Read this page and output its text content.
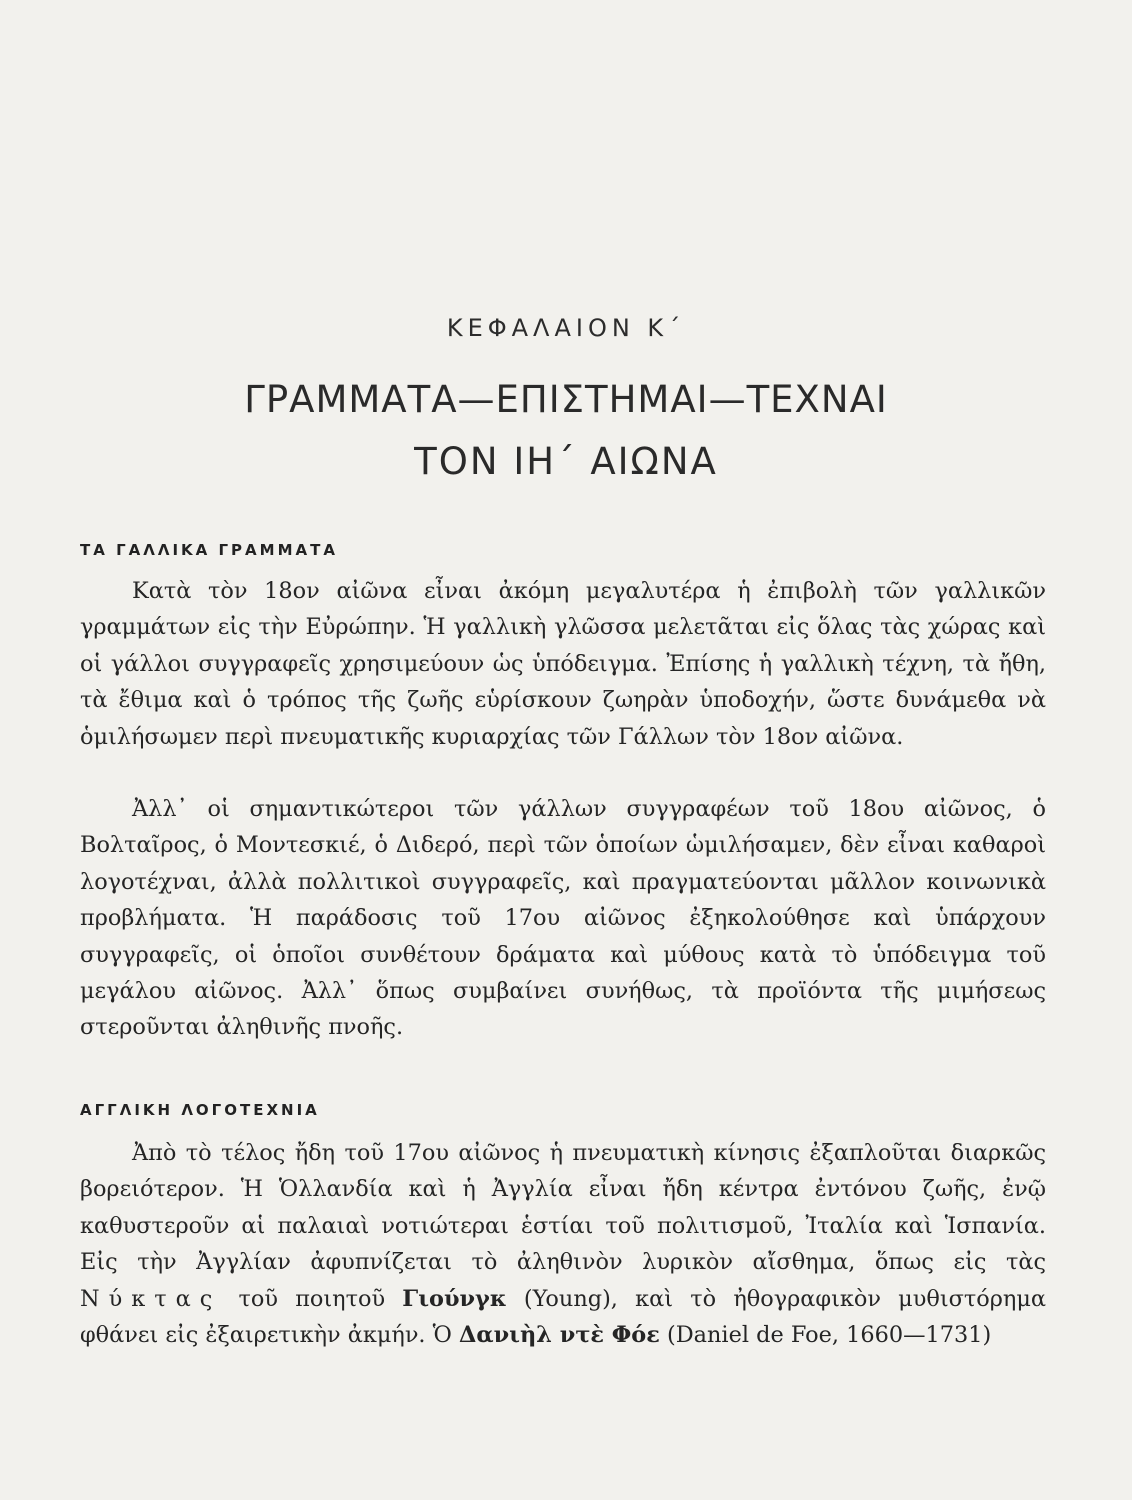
ΚΕΦΑΛΑΙΟΝ Κ΄
ΓΡΑΜΜΑΤΑ—ΕΠΙΣΤΗΜΑΙ—ΤΕΧΝΑΙ
ΤΟΝ ΙΗ΄ ΑΙΩΝΑ
ΤΑ ΓΑΛΛΙΚΑ ΓΡΑΜΜΑΤΑ

Κατὰ τὸν 18ον αἰῶνα εἶναι ἀκόμη μεγαλυτέρα ἡ ἐπιβολὴ τῶν γαλλικῶν γραμμάτων εἰς τὴν Εὐρώπην. Ἡ γαλλικὴ γλῶσσα μελετᾶται εἰς ὅλας τὰς χώρας καὶ οἱ γάλλοι συγγραφεῖς χρησιμεύουν ὡς ὑπόδειγμα. Ἐπίσης ἡ γαλλικὴ τέχνη, τὰ ἤθη, τὰ ἔθιμα καὶ ὁ τρόπος τῆς ζωῆς εὑρίσκουν ζωηρὰν ὑποδοχήν, ὥστε δυνάμεθα νὰ ὁμιλήσωμεν περὶ πνευματικῆς κυριαρχίας τῶν Γάλλων τὸν 18ον αἰῶνα.

Ἀλλ᾿ οἱ σημαντικώτεροι τῶν γάλλων συγγραφέων τοῦ 18ου αἰῶνος, ὁ Βολταῖρος, ὁ Μοντεσκιέ, ὁ Διδερό, περὶ τῶν ὁποίων ὡμιλήσαμεν, δὲν εἶναι καθαροὶ λογοτέχναι, ἀλλὰ πολλιτικοὶ συγγραφεῖς, καὶ πραγματεύονται μᾶλλον κοινωνικὰ προβλήματα. Ἡ παράδοσις τοῦ 17ου αἰῶνος ἐξηκολούθησε καὶ ὑπάρχουν συγγραφεῖς, οἱ ὁποῖοι συνθέτουν δράματα καὶ μύθους κατὰ τὸ ὑπόδειγμα τοῦ μεγάλου αἰῶνος. Ἀλλ᾿ ὅπως συμβαίνει συνήθως, τὰ προϊόντα τῆς μιμήσεως στεροῦνται ἀληθινῆς πνοῆς.

ΑΓΓΛΙΚΗ ΛΟΓΟΤΕΧΝΙΑ

Ἀπὸ τὸ τέλος ἤδη τοῦ 17ου αἰῶνος ἡ πνευματικὴ κίνησις ἐξαπλοῦται διαρκῶς βορειότερον. Ἡ Ὁλλανδία καὶ ἡ Ἀγγλία εἶναι ἤδη κέντρα ἐντόνου ζωῆς, ἐνῷ καθυστεροῦν αἱ παλαιαὶ νοτιώτεραι ἑστίαι τοῦ πολιτισμοῦ, Ἰταλία καὶ Ἱσπανία. Εἰς τὴν Ἀγγλίαν ἀφυπνίζεται τὸ ἀληθινὸν λυρικὸν αἴσθημα, ὅπως εἰς τὰς Νύκτας τοῦ ποιητοῦ Γιούνγκ (Young), καὶ τὸ ἠθογραφικὸν μυθιστόρημα φθάνει εἰς ἐξαιρετικὴν ἀκμήν. Ὁ Δανιὴλ ντὲ Φόε (Daniel de Foe, 1660—1731)
